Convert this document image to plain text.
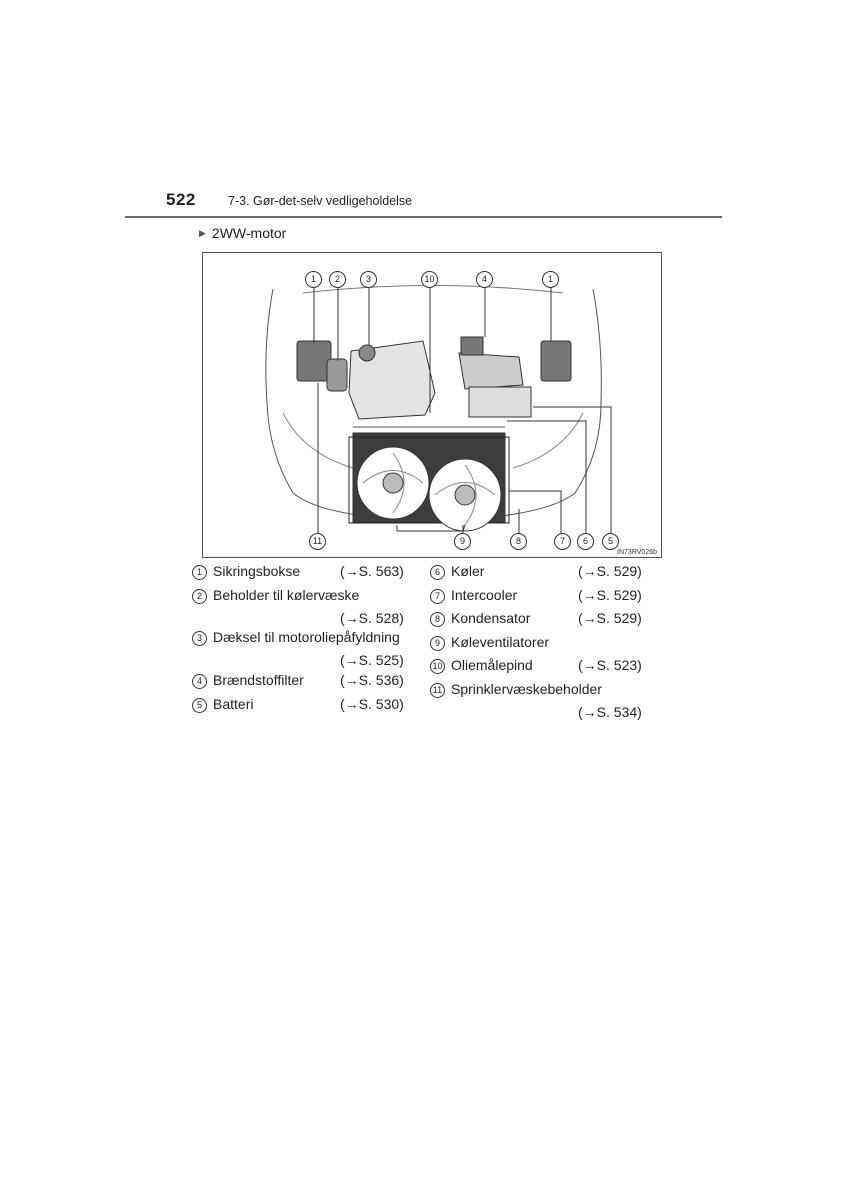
522	7-3. Gør-det-selv vedligeholdelse
▶ 2WW-motor
IN73RV026b
1	2	3	10	4	1
11	9	8	7	6	5
1 Sikringsbokse	(→S. 563)
2 Beholder til kølervæske
(→S. 528)
3 Dæksel til motoroliepåfyldning
(→S. 525)
4 Brændstoffilter	(→S. 536)
5 Batteri	(→S. 530)
6 Køler	(→S. 529)
7 Intercooler	(→S. 529)
8 Kondensator	(→S. 529)
9 Køleventilatorer
10 Oliemålepind	(→S. 523)
11 Sprinklervæskebeholder
(→S. 534)
